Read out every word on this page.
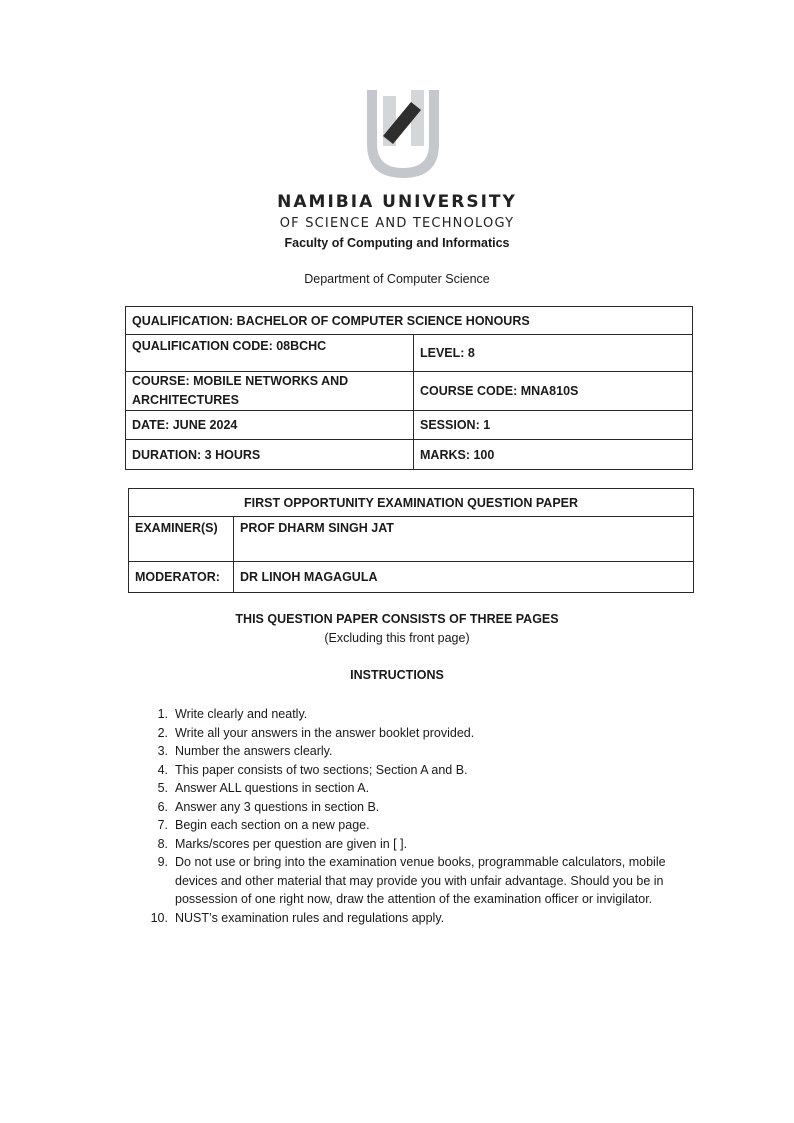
NAMIBIA UNIVERSITY
OF SCIENCE AND TECHNOLOGY
Faculty of Computing and Informatics
Department of Computer Science
QUALIFICATION: BACHELOR OF COMPUTER SCIENCE HONOURS	
QUALIFICATION CODE: 08BCHC	LEVEL: 8

COURSE: MOBILE NETWORKS AND
ARCHITECTURES	COURSE CODE: MNA810S
DATE: JUNE 2024	SESSION: 1
DURATION: 3 HOURS	MARKS: 100
FIRST OPPORTUNITY EXAMINATION QUESTION PAPER	
EXAMINER(S)	PROF DHARM SINGH JAT
MODERATOR:	DR LINOH MAGAGULA
THIS QUESTION PAPER CONSISTS OF THREE PAGES
(Excluding this front page)
INSTRUCTIONS
1. Write clearly and neatly.
2. Write all your answers in the answer booklet provided.
3. Number the answers clearly.
4. This paper consists of two sections; Section A and B.
5. Answer ALL questions in section A.
6. Answer any 3 questions in section B.
7. Begin each section on a new page.
8. Marks/scores per question are given in [ ].
9. Do not use or bring into the examination venue books, programmable calculators, mobile devices and other material that may provide you with unfair advantage. Should you be in possession of one right now, draw the attention of the examination officer or invigilator.
10. NUST’s examination rules and regulations apply.
